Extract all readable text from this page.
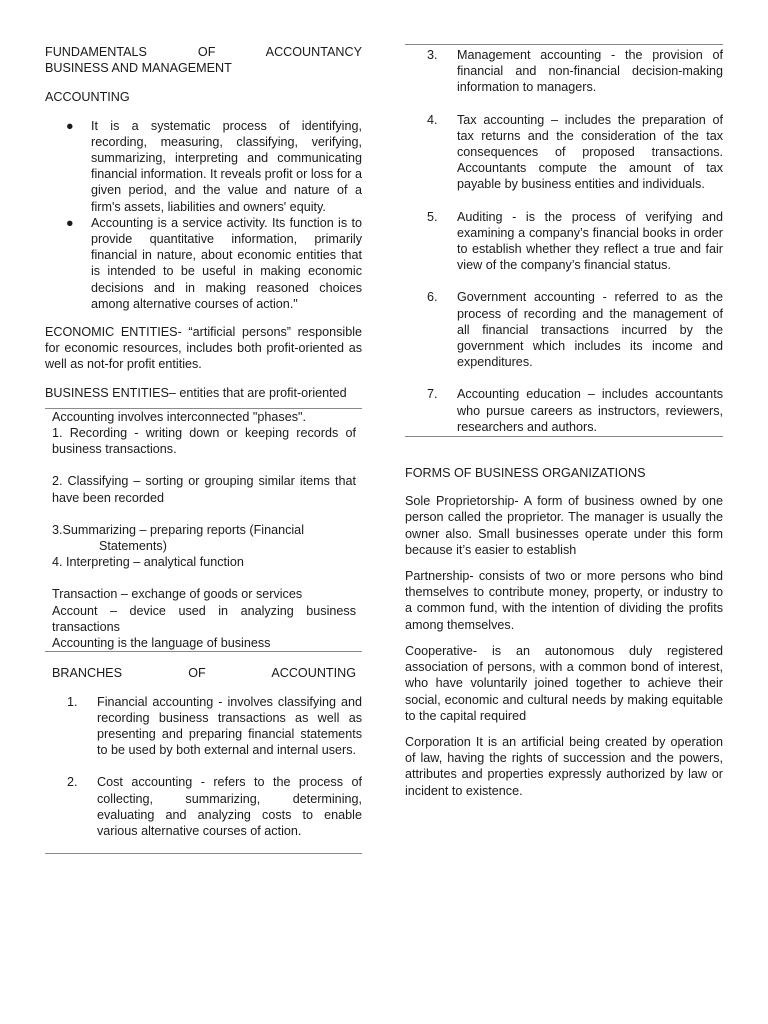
FUNDAMENTALS OF ACCOUNTANCY

BUSINESS AND MANAGEMENT

ACCOUNTING

● It is a systematic process of identifying, recording, measuring, classifying, verifying, summarizing, interpreting and communicating financial information. It reveals profit or loss for a given period, and the value and nature of a firm's assets, liabilities and owners' equity.
● Accounting is a service activity. Its function is to provide quantitative information, primarily financial in nature, about economic entities that is intended to be useful in making economic decisions and in making reasoned choices among alternative courses of action."

ECONOMIC ENTITIES- “artificial persons” responsible for economic resources, includes both profit-oriented as well as not-for profit entities.

BUSINESS ENTITIES– entities that are profit-oriented

Accounting involves interconnected "phases".

1. Recording - writing down or keeping records of business transactions.

2. Classifying – sorting or grouping similar items that have been recorded

3.Summarizing – preparing reports (Financial

Statements)

4. Interpreting – analytical function

Transaction – exchange of goods or services

Account – device used in analyzing business transactions

Accounting is the language of business

BRANCHES OF ACCOUNTING

1. Financial accounting - involves classifying and recording business transactions as well as presenting and preparing financial statements to be used by both external and internal users.
2. Cost accounting - refers to the process of collecting, summarizing, determining, evaluating and analyzing costs to enable various alternative courses of action.
3. Management accounting - the provision of financial and non-financial decision-making information to managers.
4. Tax accounting – includes the preparation of tax returns and the consideration of the tax consequences of proposed transactions. Accountants compute the amount of tax payable by business entities and individuals.
5. Auditing - is the process of verifying and examining a company’s financial books in order to establish whether they reflect a true and fair view of the company’s financial status.
6. Government accounting - referred to as the process of recording and the management of all financial transactions incurred by the government which includes its income and expenditures.
7. Accounting education – includes accountants who pursue careers as instructors, reviewers, researchers and authors.

FORMS OF BUSINESS ORGANIZATIONS

Sole Proprietorship- A form of business owned by one person called the proprietor. The manager is usually the owner also. Small businesses operate under this form because it’s easier to establish

Partnership- consists of two or more persons who bind themselves to contribute money, property, or industry to a common fund, with the intention of dividing the profits among themselves.

Cooperative- is an autonomous duly registered association of persons, with a common bond of interest, who have voluntarily joined together to achieve their social, economic and cultural needs by making equitable to the capital required

Corporation It is an artificial being created by operation of law, having the rights of succession and the powers, attributes and properties expressly authorized by law or incident to existence.
